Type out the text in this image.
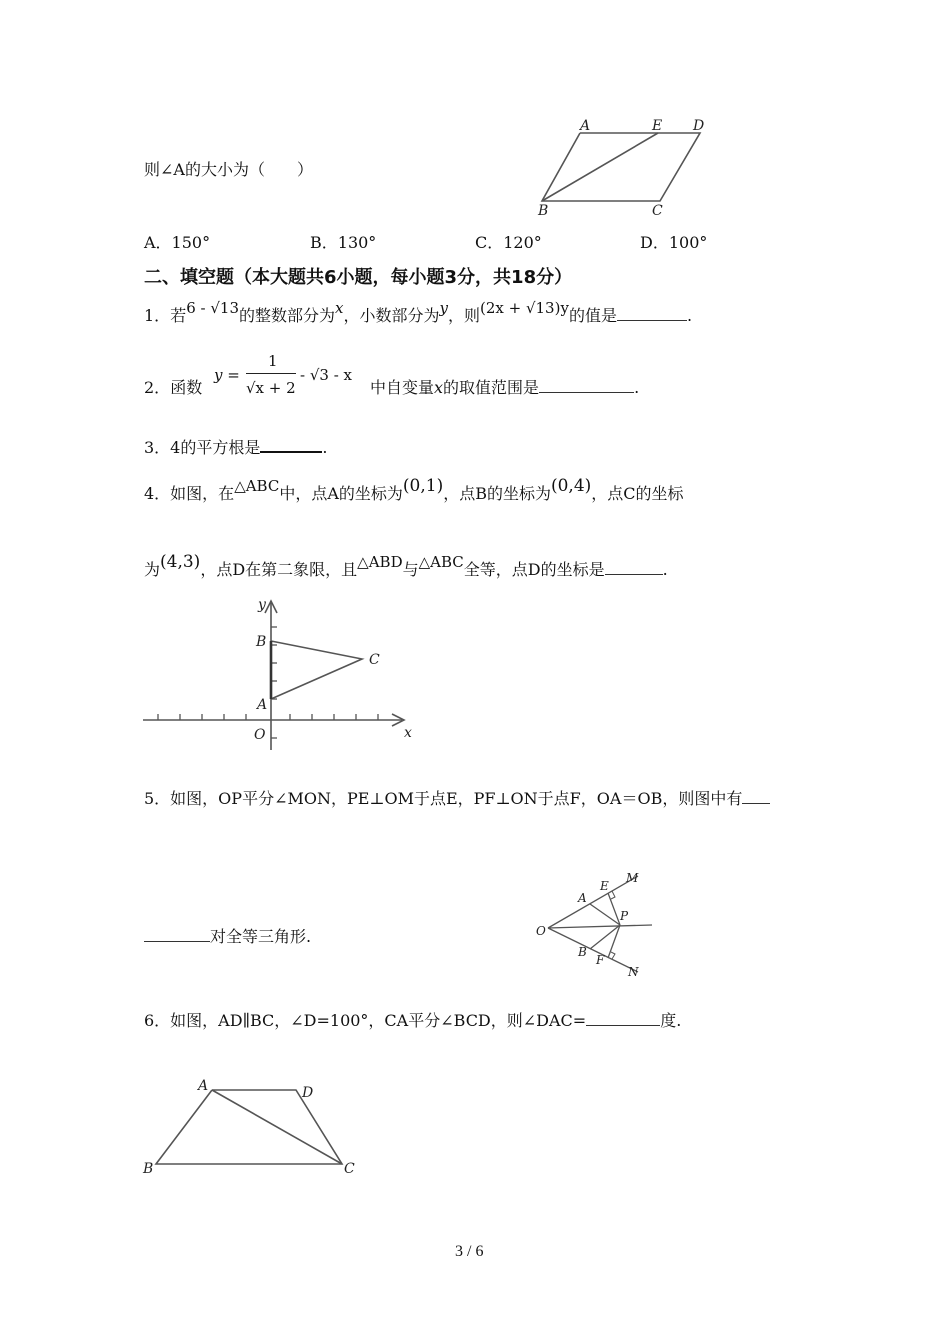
则∠A的大小为（　　）
A	E D
B	C
A．150°	B．130°	C．120°	D．100°
二、填空题（本大题共6小题，每小题3分，共18分）
1．若6 - √13的整数部分为x，小数部分为y，则(2x + √13)y的值是	.
2．函数
y =
1
√x + 2
- √3 - x
中自变量x的取值范围是	.
3．4的平方根是	.
4．如图，在△ABC中，点A的坐标为(0,1)，点B的坐标为(0,4)，点C的坐标
为(4,3)，点D在第二象限，且△ABD与△ABC全等，点D的坐标是	.
y
x
B
C
A
O
5．如图，OP平分∠MON，PE⊥OM于点E，PF⊥ON于点F，OA＝OB，则图中有
对全等三角形.
M
E
A
O
P
B
F
N
6．如图，AD∥BC，∠D=100°，CA平分∠BCD，则∠DAC=	度.
A	D
B	C
3 / 6
